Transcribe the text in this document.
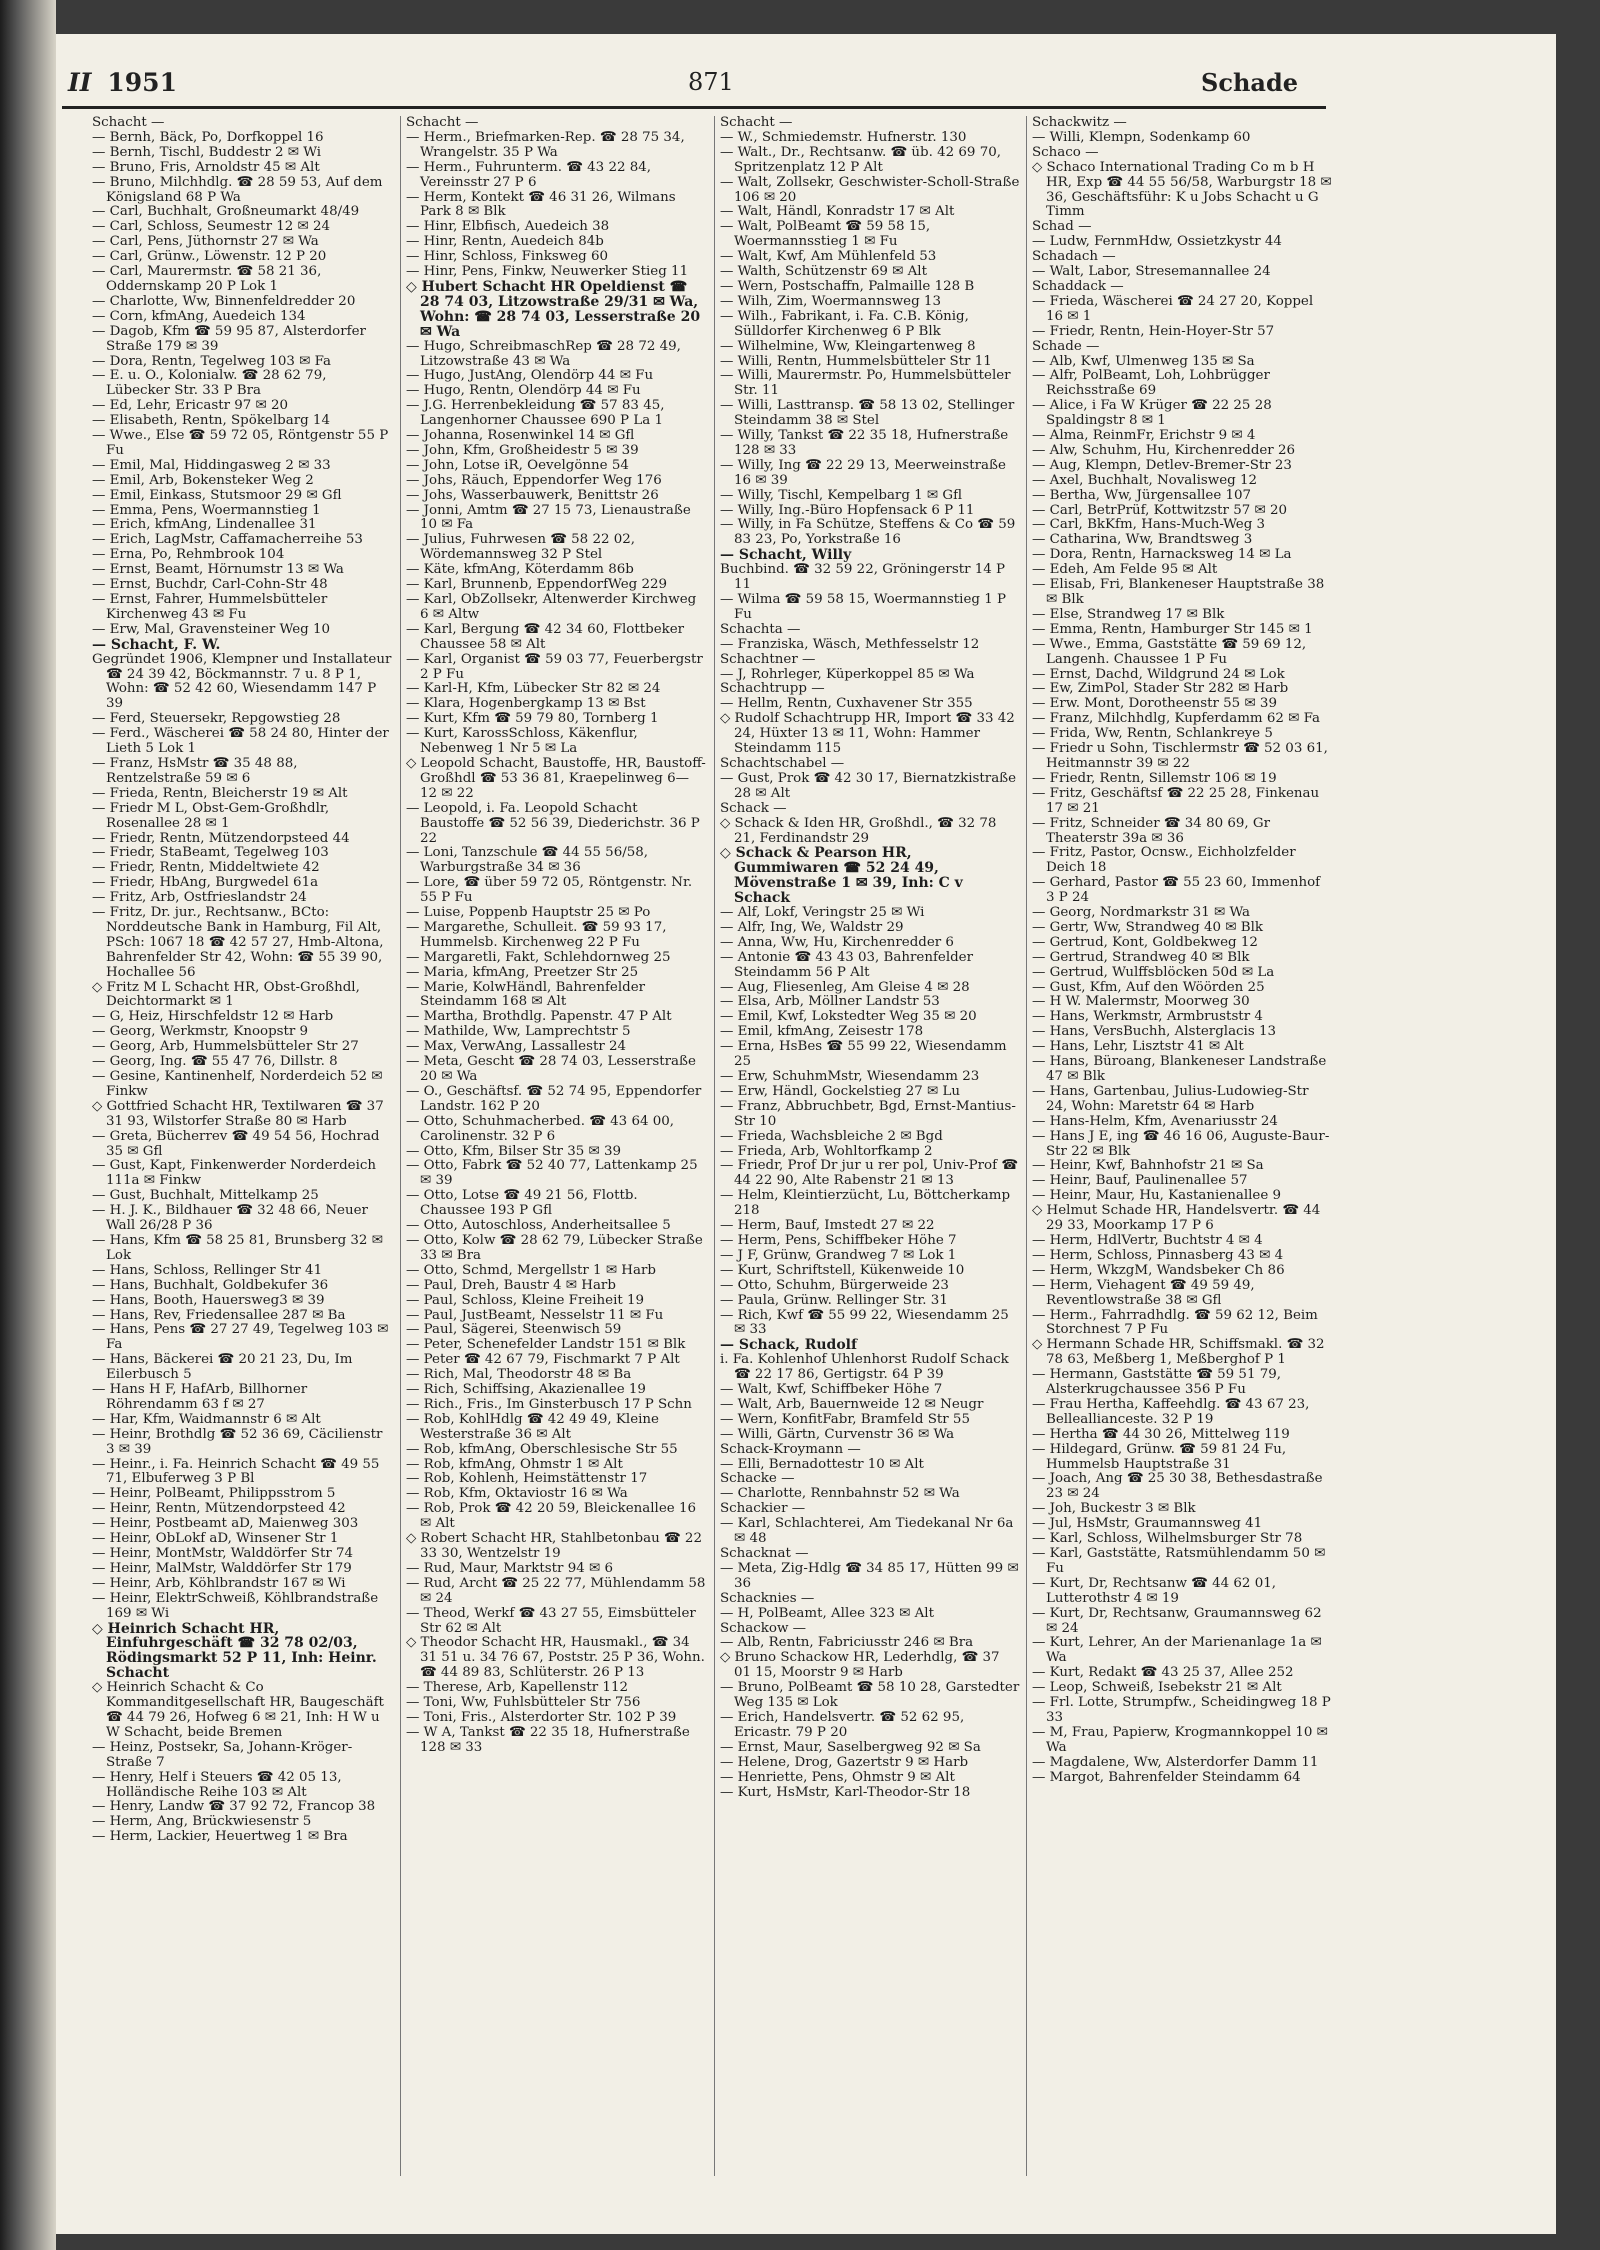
II 1951	871	Schade

Schacht —

— Bernh, Bäck, Po, Dorfkoppel 16

— Bernh, Tischl, Buddestr 2 ✉ Wi

— Bruno, Fris, Arnoldstr 45 ✉ Alt

— Bruno, Milchhdlg. ☎ 28 59 53, Auf dem Königsland 68 P Wa

— Carl, Buchhalt, Großneumarkt 48/49

— Carl, Schloss, Seumestr 12 ✉ 24

— Carl, Pens, Jüthornstr 27 ✉ Wa

— Carl, Grünw., Löwenstr. 12 P 20

— Carl, Maurermstr. ☎ 58 21 36, Oddernskamp 20 P Lok 1

— Charlotte, Ww, Binnenfeldredder 20

— Corn, kfmAng, Auedeich 134

— Dagob, Kfm ☎ 59 95 87, Alsterdorfer Straße 179 ✉ 39

— Dora, Rentn, Tegelweg 103 ✉ Fa

— E. u. O., Kolonialw. ☎ 28 62 79, Lübecker Str. 33 P Bra

— Ed, Lehr, Ericastr 97 ✉ 20

— Elisabeth, Rentn, Spökelbarg 14

— Wwe., Else ☎ 59 72 05, Röntgenstr 55 P Fu

— Emil, Mal, Hiddingasweg 2 ✉ 33

— Emil, Arb, Bokensteker Weg 2

— Emil, Einkass, Stutsmoor 29 ✉ Gfl

— Emma, Pens, Woermannstieg 1

— Erich, kfmAng, Lindenallee 31

— Erich, LagMstr, Caffamacherreihe 53

— Erna, Po, Rehmbrook 104

— Ernst, Beamt, Hörnumstr 13 ✉ Wa

— Ernst, Buchdr, Carl-Cohn-Str 48

— Ernst, Fahrer, Hummelsbütteler Kirchenweg 43 ✉ Fu

— Erw, Mal, Gravensteiner Weg 10

— Schacht, F. W.

Gegründet 1906, Klempner und Installateur ☎ 24 39 42, Böckmannstr. 7 u. 8 P 1, Wohn: ☎ 52 42 60, Wiesendamm 147 P 39

— Ferd, Steuersekr, Repgowstieg 28

— Ferd., Wäscherei ☎ 58 24 80, Hinter der Lieth 5 Lok 1

— Franz, HsMstr ☎ 35 48 88, Rentzelstraße 59 ✉ 6

— Frieda, Rentn, Bleicherstr 19 ✉ Alt

— Friedr M L, Obst-Gem-Großhdlr, Rosenallee 28 ✉ 1

— Friedr, Rentn, Mützendorpsteed 44

— Friedr, StaBeamt, Tegelweg 103

— Friedr, Rentn, Middeltwiete 42

— Friedr, HbAng, Burgwedel 61a

— Fritz, Arb, Ostfrieslandstr 24

— Fritz, Dr. jur., Rechtsanw., BCto: Norddeutsche Bank in Hamburg, Fil Alt, PSch: 1067 18 ☎ 42 57 27, Hmb-Altona, Bahrenfelder Str 42, Wohn: ☎ 55 39 90, Hochallee 56

◇ Fritz M L Schacht HR, Obst-Großhdl, Deichtormarkt ✉ 1

— G, Heiz, Hirschfeldstr 12 ✉ Harb

— Georg, Werkmstr, Knoopstr 9

— Georg, Arb, Hummelsbütteler Str 27

— Georg, Ing. ☎ 55 47 76, Dillstr. 8

— Gesine, Kantinenhelf, Norderdeich 52 ✉ Finkw

◇ Gottfried Schacht HR, Textilwaren ☎ 37 31 93, Wilstorfer Straße 80 ✉ Harb

— Greta, Bücherrev ☎ 49 54 56, Hochrad 35 ✉ Gfl

— Gust, Kapt, Finkenwerder Norderdeich 111a ✉ Finkw

— Gust, Buchhalt, Mittelkamp 25

— H. J. K., Bildhauer ☎ 32 48 66, Neuer Wall 26/28 P 36

— Hans, Kfm ☎ 58 25 81, Brunsberg 32 ✉ Lok

— Hans, Schloss, Rellinger Str 41

— Hans, Buchhalt, Goldbekufer 36

— Hans, Booth, Hauersweg3 ✉ 39

— Hans, Rev, Friedensallee 287 ✉ Ba

— Hans, Pens ☎ 27 27 49, Tegelweg 103 ✉ Fa

— Hans, Bäckerei ☎ 20 21 23, Du, Im Eilerbusch 5

— Hans H F, HafArb, Billhorner Röhrendamm 63 f ✉ 27

— Har, Kfm, Waidmannstr 6 ✉ Alt

— Heinr, Brothdlg ☎ 52 36 69, Cäcilienstr 3 ✉ 39

— Heinr., i. Fa. Heinrich Schacht ☎ 49 55 71, Elbuferweg 3 P Bl

— Heinr, PolBeamt, Philippsstrom 5

— Heinr, Rentn, Mützendorpsteed 42

— Heinr, Postbeamt aD, Maienweg 303

— Heinr, ObLokf aD, Winsener Str 1

— Heinr, MontMstr, Walddörfer Str 74

— Heinr, MalMstr, Walddörfer Str 179

— Heinr, Arb, Köhlbrandstr 167 ✉ Wi

— Heinr, ElektrSchweiß, Köhlbrandstraße 169 ✉ Wi

◇ Heinrich Schacht HR, Einfuhrgeschäft ☎ 32 78 02/03, Rödingsmarkt 52 P 11, Inh: Heinr. Schacht

◇ Heinrich Schacht & Co Kommanditgesellschaft HR, Baugeschäft ☎ 44 79 26, Hofweg 6 ✉ 21, Inh: H W u W Schacht, beide Bremen

— Heinz, Postsekr, Sa, Johann-Kröger-Straße 7

— Henry, Helf i Steuers ☎ 42 05 13, Holländische Reihe 103 ✉ Alt

— Henry, Landw ☎ 37 92 72, Francop 38

— Herm, Ang, Brückwiesenstr 5

— Herm, Lackier, Heuertweg 1 ✉ Bra

Schacht —

— Herm., Briefmarken-Rep. ☎ 28 75 34, Wrangelstr. 35 P Wa

— Herm., Fuhrunterm. ☎ 43 22 84, Vereinsstr 27 P 6

— Herm, Kontekt ☎ 46 31 26, Wilmans Park 8 ✉ Blk

— Hinr, Elbfisch, Auedeich 38

— Hinr, Rentn, Auedeich 84b

— Hinr, Schloss, Finksweg 60

— Hinr, Pens, Finkw, Neuwerker Stieg 11

◇ Hubert Schacht HR Opeldienst ☎ 28 74 03, Litzowstraße 29/31 ✉ Wa, Wohn: ☎ 28 74 03, Lesserstraße 20 ✉ Wa

— Hugo, SchreibmaschRep ☎ 28 72 49, Litzowstraße 43 ✉ Wa

— Hugo, JustAng, Olendörp 44 ✉ Fu

— Hugo, Rentn, Olendörp 44 ✉ Fu

— J.G. Herrenbekleidung ☎ 57 83 45, Langenhorner Chaussee 690 P La 1

— Johanna, Rosenwinkel 14 ✉ Gfl

— John, Kfm, Großheidestr 5 ✉ 39

— John, Lotse iR, Oevelgönne 54

— Johs, Räuch, Eppendorfer Weg 176

— Johs, Wasserbauwerk, Benittstr 26

— Jonni, Amtm ☎ 27 15 73, Lienaustraße 10 ✉ Fa

— Julius, Fuhrwesen ☎ 58 22 02, Wördemannsweg 32 P Stel

— Käte, kfmAng, Köterdamm 86b

— Karl, Brunnenb, EppendorfWeg 229

— Karl, ObZollsekr, Altenwerder Kirchweg 6 ✉ Altw

— Karl, Bergung ☎ 42 34 60, Flottbeker Chaussee 58 ✉ Alt

— Karl, Organist ☎ 59 03 77, Feuerbergstr 2 P Fu

— Karl-H, Kfm, Lübecker Str 82 ✉ 24

— Klara, Hogenbergkamp 13 ✉ Bst

— Kurt, Kfm ☎ 59 79 80, Tornberg 1

— Kurt, KarossSchloss, Käkenflur, Nebenweg 1 Nr 5 ✉ La

◇ Leopold Schacht, Baustoffe, HR, Baustoff-Großhdl ☎ 53 36 81, Kraepelinweg 6—12 ✉ 22

— Leopold, i. Fa. Leopold Schacht Baustoffe ☎ 52 56 39, Diederichstr. 36 P 22

— Loni, Tanzschule ☎ 44 55 56/58, Warburgstraße 34 ✉ 36

— Lore, ☎ über 59 72 05, Röntgenstr. Nr. 55 P Fu

— Luise, Poppenb Hauptstr 25 ✉ Po

— Margarethe, Schulleit. ☎ 59 93 17, Hummelsb. Kirchenweg 22 P Fu

— Margaretli, Fakt, Schlehdornweg 25

— Maria, kfmAng, Preetzer Str 25

— Marie, KolwHändl, Bahrenfelder Steindamm 168 ✉ Alt

— Martha, Brothdlg. Papenstr. 47 P Alt

— Mathilde, Ww, Lamprechtstr 5

— Max, VerwAng, Lassallestr 24

— Meta, Gescht ☎ 28 74 03, Lesserstraße 20 ✉ Wa

— O., Geschäftsf. ☎ 52 74 95, Eppendorfer Landstr. 162 P 20

— Otto, Schuhmacherbed. ☎ 43 64 00, Carolinenstr. 32 P 6

— Otto, Kfm, Bilser Str 35 ✉ 39

— Otto, Fabrk ☎ 52 40 77, Lattenkamp 25 ✉ 39

— Otto, Lotse ☎ 49 21 56, Flottb. Chaussee 193 P Gfl

— Otto, Autoschloss, Anderheitsallee 5

— Otto, Kolw ☎ 28 62 79, Lübecker Straße 33 ✉ Bra

— Otto, Schmd, Mergellstr 1 ✉ Harb

— Paul, Dreh, Baustr 4 ✉ Harb

— Paul, Schloss, Kleine Freiheit 19

— Paul, JustBeamt, Nesselstr 11 ✉ Fu

— Paul, Sägerei, Steenwisch 59

— Peter, Schenefelder Landstr 151 ✉ Blk

— Peter ☎ 42 67 79, Fischmarkt 7 P Alt

— Rich, Mal, Theodorstr 48 ✉ Ba

— Rich, Schiffsing, Akazienallee 19

— Rich., Fris., Im Ginsterbusch 17 P Schn

— Rob, KohlHdlg ☎ 42 49 49, Kleine Westerstraße 36 ✉ Alt

— Rob, kfmAng, Oberschlesische Str 55

— Rob, kfmAng, Ohmstr 1 ✉ Alt

— Rob, Kohlenh, Heimstättenstr 17

— Rob, Kfm, Oktaviostr 16 ✉ Wa

— Rob, Prok ☎ 42 20 59, Bleickenallee 16 ✉ Alt

◇ Robert Schacht HR, Stahlbetonbau ☎ 22 33 30, Wentzelstr 19

— Rud, Maur, Marktstr 94 ✉ 6

— Rud, Archt ☎ 25 22 77, Mühlendamm 58 ✉ 24

— Theod, Werkf ☎ 43 27 55, Eimsbütteler Str 62 ✉ Alt

◇ Theodor Schacht HR, Hausmakl., ☎ 34 31 51 u. 34 76 67, Poststr. 25 P 36, Wohn. ☎ 44 89 83, Schlüterstr. 26 P 13

— Therese, Arb, Kapellenstr 112

— Toni, Ww, Fuhlsbütteler Str 756

— Toni, Fris., Alsterdorter Str. 102 P 39

— W A, Tankst ☎ 22 35 18, Hufnerstraße 128 ✉ 33

Schacht —

— W., Schmiedemstr. Hufnerstr. 130

— Walt., Dr., Rechtsanw. ☎ üb. 42 69 70, Spritzenplatz 12 P Alt

— Walt, Zollsekr, Geschwister-Scholl-Straße 106 ✉ 20

— Walt, Händl, Konradstr 17 ✉ Alt

— Walt, PolBeamt ☎ 59 58 15, Woermannsstieg 1 ✉ Fu

— Walt, Kwf, Am Mühlenfeld 53

— Walth, Schützenstr 69 ✉ Alt

— Wern, Postschaffn, Palmaille 128 B

— Wilh, Zim, Woermannsweg 13

— Wilh., Fabrikant, i. Fa. C.B. König, Sülldorfer Kirchenweg 6 P Blk

— Wilhelmine, Ww, Kleingartenweg 8

— Willi, Rentn, Hummelsbütteler Str 11

— Willi, Maurermstr. Po, Hummelsbütteler Str. 11

— Willi, Lasttransp. ☎ 58 13 02, Stellinger Steindamm 38 ✉ Stel

— Willy, Tankst ☎ 22 35 18, Hufnerstraße 128 ✉ 33

— Willy, Ing ☎ 22 29 13, Meerweinstraße 16 ✉ 39

— Willy, Tischl, Kempelbarg 1 ✉ Gfl

— Willy, Ing.-Büro Hopfensack 6 P 11

— Willy, in Fa Schütze, Steffens & Co ☎ 59 83 23, Po, Yorkstraße 16

— Schacht, Willy

Buchbind. ☎ 32 59 22, Gröningerstr 14 P 11

— Wilma ☎ 59 58 15, Woermannstieg 1 P Fu

Schachta —

— Franziska, Wäsch, Methfesselstr 12

Schachtner —

— J, Rohrleger, Küperkoppel 85 ✉ Wa

Schachtrupp —

— Hellm, Rentn, Cuxhavener Str 355

◇ Rudolf Schachtrupp HR, Import ☎ 33 42 24, Hüxter 13 ✉ 11, Wohn: Hammer Steindamm 115

Schachtschabel —

— Gust, Prok ☎ 42 30 17, Biernatzkistraße 28 ✉ Alt

Schack —

◇ Schack & Iden HR, Großhdl., ☎ 32 78 21, Ferdinandstr 29

◇ Schack & Pearson HR, Gummiwaren ☎ 52 24 49, Mövenstraße 1 ✉ 39, Inh: C v Schack

— Alf, Lokf, Veringstr 25 ✉ Wi

— Alfr, Ing, We, Waldstr 29

— Anna, Ww, Hu, Kirchenredder 6

— Antonie ☎ 43 43 03, Bahrenfelder Steindamm 56 P Alt

— Aug, Fliesenleg, Am Gleise 4 ✉ 28

— Elsa, Arb, Möllner Landstr 53

— Emil, Kwf, Lokstedter Weg 35 ✉ 20

— Emil, kfmAng, Zeisestr 178

— Erna, HsBes ☎ 55 99 22, Wiesendamm 25

— Erw, SchuhmMstr, Wiesendamm 23

— Erw, Händl, Gockelstieg 27 ✉ Lu

— Franz, Abbruchbetr, Bgd, Ernst-Mantius-Str 10

— Frieda, Wachsbleiche 2 ✉ Bgd

— Frieda, Arb, Wohltorfkamp 2

— Friedr, Prof Dr jur u rer pol, Univ-Prof ☎ 44 22 90, Alte Rabenstr 21 ✉ 13

— Helm, Kleintierzücht, Lu, Böttcherkamp 218

— Herm, Bauf, Imstedt 27 ✉ 22

— Herm, Pens, Schiffbeker Höhe 7

— J F, Grünw, Grandweg 7 ✉ Lok 1

— Kurt, Schriftstell, Kükenweide 10

— Otto, Schuhm, Bürgerweide 23

— Paula, Grünw. Rellinger Str. 31

— Rich, Kwf ☎ 55 99 22, Wiesendamm 25 ✉ 33

— Schack, Rudolf

i. Fa. Kohlenhof Uhlenhorst Rudolf Schack ☎ 22 17 86, Gertigstr. 64 P 39

— Walt, Kwf, Schiffbeker Höhe 7

— Walt, Arb, Bauernweide 12 ✉ Neugr

— Wern, KonfitFabr, Bramfeld Str 55

— Willi, Gärtn, Curvenstr 36 ✉ Wa

Schack-Kroymann —

— Elli, Bernadottestr 10 ✉ Alt

Schacke —

— Charlotte, Rennbahnstr 52 ✉ Wa

Schackier —

— Karl, Schlachterei, Am Tiedekanal Nr 6a ✉ 48

Schacknat —

— Meta, Zig-Hdlg ☎ 34 85 17, Hütten 99 ✉ 36

Schacknies —

— H, PolBeamt, Allee 323 ✉ Alt

Schackow —

— Alb, Rentn, Fabriciusstr 246 ✉ Bra

◇ Bruno Schackow HR, Lederhdlg, ☎ 37 01 15, Moorstr 9 ✉ Harb

— Bruno, PolBeamt ☎ 58 10 28, Garstedter Weg 135 ✉ Lok

— Erich, Handelsvertr. ☎ 52 62 95, Ericastr. 79 P 20

— Ernst, Maur, Saselbergweg 92 ✉ Sa

— Helene, Drog, Gazertstr 9 ✉ Harb

— Henriette, Pens, Ohmstr 9 ✉ Alt

— Kurt, HsMstr, Karl-Theodor-Str 18

Schackwitz —

— Willi, Klempn, Sodenkamp 60

Schaco —

◇ Schaco International Trading Co m b H HR, Exp ☎ 44 55 56/58, Warburgstr 18 ✉ 36, Geschäftsführ: K u Jobs Schacht u G Timm

Schad —

— Ludw, FernmHdw, Ossietzkystr 44

Schadach —

— Walt, Labor, Stresemannallee 24

Schaddack —

— Frieda, Wäscherei ☎ 24 27 20, Koppel 16 ✉ 1

— Friedr, Rentn, Hein-Hoyer-Str 57

Schade —

— Alb, Kwf, Ulmenweg 135 ✉ Sa

— Alfr, PolBeamt, Loh, Lohbrügger Reichsstraße 69

— Alice, i Fa W Krüger ☎ 22 25 28 Spaldingstr 8 ✉ 1

— Alma, ReinmFr, Erichstr 9 ✉ 4

— Alw, Schuhm, Hu, Kirchenredder 26

— Aug, Klempn, Detlev-Bremer-Str 23

— Axel, Buchhalt, Novalisweg 12

— Bertha, Ww, Jürgensallee 107

— Carl, BetrPrüf, Kottwitzstr 57 ✉ 20

— Carl, BkKfm, Hans-Much-Weg 3

— Catharina, Ww, Brandtsweg 3

— Dora, Rentn, Harnacksweg 14 ✉ La

— Edeh, Am Felde 95 ✉ Alt

— Elisab, Fri, Blankeneser Hauptstraße 38 ✉ Blk

— Else, Strandweg 17 ✉ Blk

— Emma, Rentn, Hamburger Str 145 ✉ 1

— Wwe., Emma, Gaststätte ☎ 59 69 12, Langenh. Chaussee 1 P Fu

— Ernst, Dachd, Wildgrund 24 ✉ Lok

— Ew, ZimPol, Stader Str 282 ✉ Harb

— Erw. Mont, Dorotheenstr 55 ✉ 39

— Franz, Milchhdlg, Kupferdamm 62 ✉ Fa

— Frida, Ww, Rentn, Schlankreye 5

— Friedr u Sohn, Tischlermstr ☎ 52 03 61, Heitmannstr 39 ✉ 22

— Friedr, Rentn, Sillemstr 106 ✉ 19

— Fritz, Geschäftsf ☎ 22 25 28, Finkenau 17 ✉ 21

— Fritz, Schneider ☎ 34 80 69, Gr Theaterstr 39a ✉ 36

— Fritz, Pastor, Ocnsw., Eichholzfelder Deich 18

— Gerhard, Pastor ☎ 55 23 60, Immenhof 3 P 24

— Georg, Nordmarkstr 31 ✉ Wa

— Gertr, Ww, Strandweg 40 ✉ Blk

— Gertrud, Kont, Goldbekweg 12

— Gertrud, Strandweg 40 ✉ Blk

— Gertrud, Wulffsblöcken 50d ✉ La

— Gust, Kfm, Auf den Wöörden 25

— H W. Malermstr, Moorweg 30

— Hans, Werkmstr, Armbruststr 4

— Hans, VersBuchh, Alsterglacis 13

— Hans, Lehr, Lisztstr 41 ✉ Alt

— Hans, Büroang, Blankeneser Landstraße 47 ✉ Blk

— Hans, Gartenbau, Julius-Ludowieg-Str 24, Wohn: Maretstr 64 ✉ Harb

— Hans-Helm, Kfm, Avenariusstr 24

— Hans J E, ing ☎ 46 16 06, Auguste-Baur-Str 22 ✉ Blk

— Heinr, Kwf, Bahnhofstr 21 ✉ Sa

— Heinr, Bauf, Paulinenallee 57

— Heinr, Maur, Hu, Kastanienallee 9

◇ Helmut Schade HR, Handelsvertr. ☎ 44 29 33, Moorkamp 17 P 6

— Herm, HdlVertr, Buchtstr 4 ✉ 4

— Herm, Schloss, Pinnasberg 43 ✉ 4

— Herm, WkzgM, Wandsbeker Ch 86

— Herm, Viehagent ☎ 49 59 49, Reventlowstraße 38 ✉ Gfl

— Herm., Fahrradhdlg. ☎ 59 62 12, Beim Storchnest 7 P Fu

◇ Hermann Schade HR, Schiffsmakl. ☎ 32 78 63, Meßberg 1, Meßberghof P 1

— Hermann, Gaststätte ☎ 59 51 79, Alsterkrugchaussee 356 P Fu

— Frau Hertha, Kaffeehdlg. ☎ 43 67 23, Belleallianceste. 32 P 19

— Hertha ☎ 44 30 26, Mittelweg 119

— Hildegard, Grünw. ☎ 59 81 24 Fu, Hummelsb Hauptstraße 31

— Joach, Ang ☎ 25 30 38, Bethesdastraße 23 ✉ 24

— Joh, Buckestr 3 ✉ Blk

— Jul, HsMstr, Graumannsweg 41

— Karl, Schloss, Wilhelmsburger Str 78

— Karl, Gaststätte, Ratsmühlendamm 50 ✉ Fu

— Kurt, Dr, Rechtsanw ☎ 44 62 01, Lutterothstr 4 ✉ 19

— Kurt, Dr, Rechtsanw, Graumannsweg 62 ✉ 24

— Kurt, Lehrer, An der Marienanlage 1a ✉ Wa

— Kurt, Redakt ☎ 43 25 37, Allee 252

— Leop, Schweiß, Isebekstr 21 ✉ Alt

— Frl. Lotte, Strumpfw., Scheidingweg 18 P 33

— M, Frau, Papierw, Krogmannkoppel 10 ✉ Wa

— Magdalene, Ww, Alsterdorfer Damm 11

— Margot, Bahrenfelder Steindamm 64
